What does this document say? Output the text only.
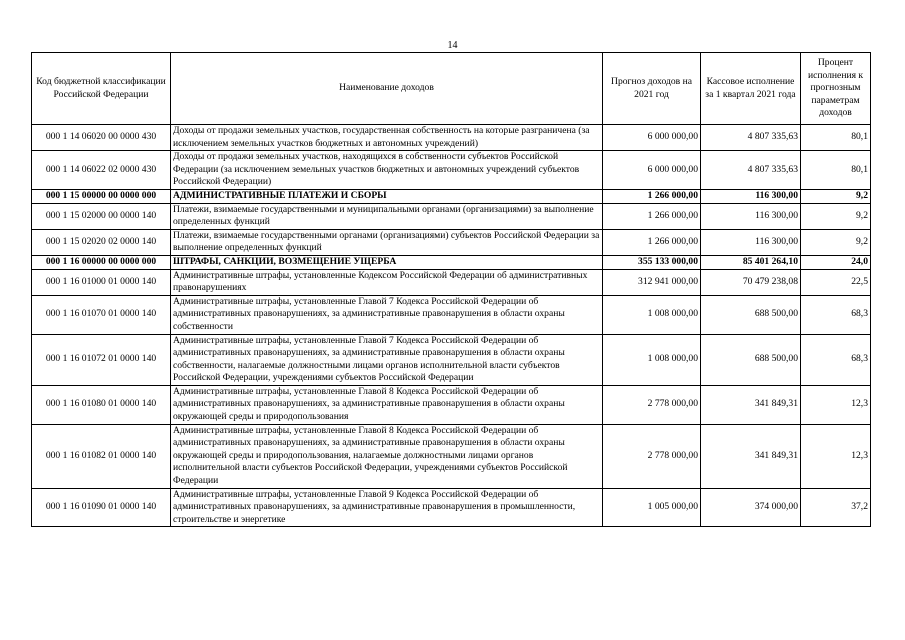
14
Код бюджетной классификации Российской Федерации	Наименование доходов	Прогноз доходов на 2021 год	Кассовое исполнение за 1 квартал 2021 года	Процент исполнения к прогнозным параметрам доходов
000 1 14 06020 00 0000 430	Доходы от продажи земельных участков, государственная собственность на которые разграничена (за исключением земельных участков бюджетных и автономных учреждений)	6 000 000,00	4 807 335,63	80,1
000 1 14 06022 02 0000 430	Доходы от продажи земельных участков, находящихся в собственности субъектов Российской Федерации (за исключением земельных участков бюджетных и автономных учреждений субъектов Российской Федерации)	6 000 000,00	4 807 335,63	80,1
000 1 15 00000 00 0000 000	АДМИНИСТРАТИВНЫЕ ПЛАТЕЖИ И СБОРЫ	1 266 000,00	116 300,00	9,2
000 1 15 02000 00 0000 140	Платежи, взимаемые государственными и муниципальными органами (организациями) за выполнение определенных функций	1 266 000,00	116 300,00	9,2
000 1 15 02020 02 0000 140	Платежи, взимаемые государственными органами (организациями) субъектов Российской Федерации за выполнение определенных функций	1 266 000,00	116 300,00	9,2
000 1 16 00000 00 0000 000	ШТРАФЫ, САНКЦИИ, ВОЗМЕЩЕНИЕ УЩЕРБА	355 133 000,00	85 401 264,10	24,0
000 1 16 01000 01 0000 140	Административные штрафы, установленные Кодексом Российской Федерации об административных правонарушениях	312 941 000,00	70 479 238,08	22,5
000 1 16 01070 01 0000 140	Административные штрафы, установленные Главой 7 Кодекса Российской Федерации об административных правонарушениях, за административные правонарушения в области охраны собственности	1 008 000,00	688 500,00	68,3
000 1 16 01072 01 0000 140	Административные штрафы, установленные Главой 7 Кодекса Российской Федерации об административных правонарушениях, за административные правонарушения в области охраны собственности, налагаемые должностными лицами органов исполнительной власти субъектов Российской Федерации, учреждениями субъектов Российской Федерации	1 008 000,00	688 500,00	68,3
000 1 16 01080 01 0000 140	Административные штрафы, установленные Главой 8 Кодекса Российской Федерации об административных правонарушениях, за административные правонарушения в области охраны окружающей среды и природопользования	2 778 000,00	341 849,31	12,3
000 1 16 01082 01 0000 140	Административные штрафы, установленные Главой 8 Кодекса Российской Федерации об административных правонарушениях, за административные правонарушения в области охраны окружающей среды и природопользования, налагаемые должностными лицами органов исполнительной власти субъектов Российской Федерации, учреждениями субъектов Российской Федерации	2 778 000,00	341 849,31	12,3
000 1 16 01090 01 0000 140	Административные штрафы, установленные Главой 9 Кодекса Российской Федерации об административных правонарушениях, за административные правонарушения в промышленности, строительстве и энергетике	1 005 000,00	374 000,00	37,2
